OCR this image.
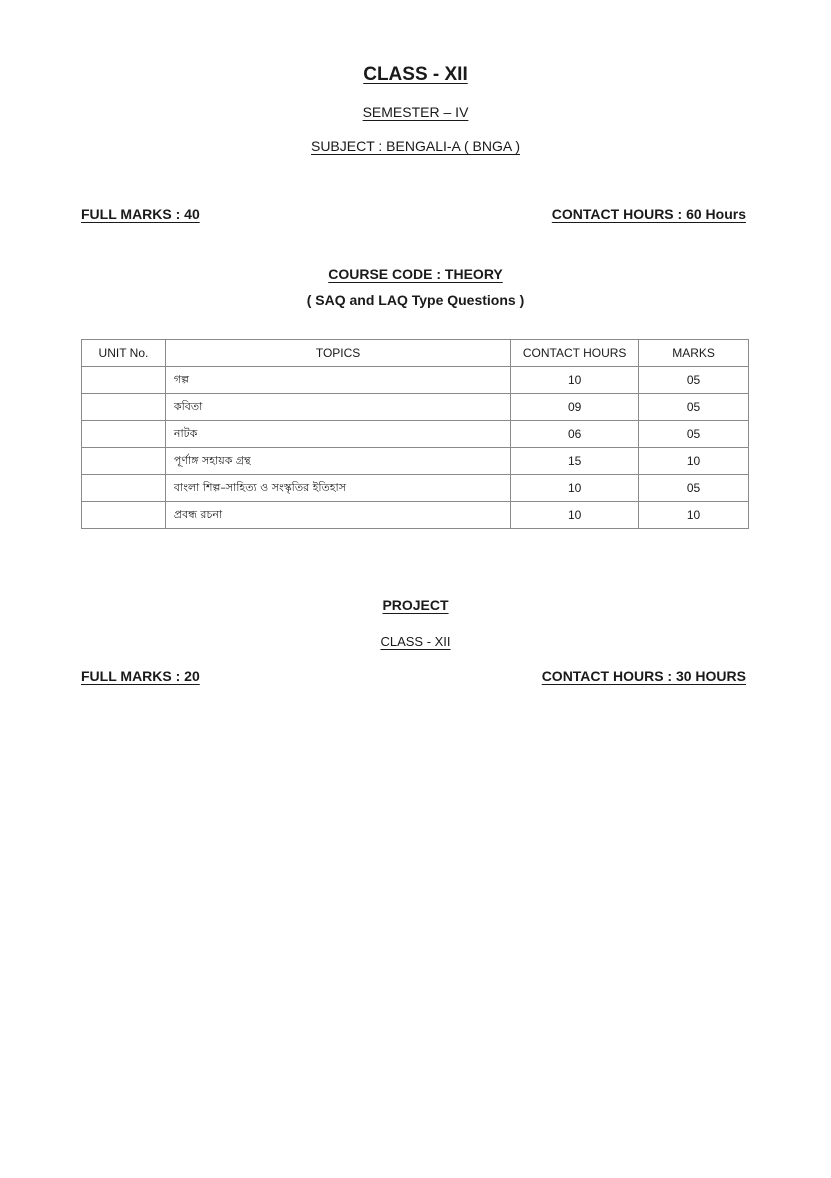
CLASS - XII
SEMESTER – IV
SUBJECT : BENGALI-A ( BNGA )
FULL MARKS : 40	CONTACT HOURS : 60 Hours
COURSE CODE : THEORY
( SAQ and LAQ Type Questions )
UNIT No.	TOPICS	CONTACT HOURS	MARKS
	গল্প	10	05
	কবিতা	09	05
	নাটক	06	05
	পূর্ণাঙ্গ সহায়ক গ্রন্থ	15	10
	বাংলা শিল্প–সাহিত্য ও সংস্কৃতির ইতিহাস	10	05
	প্রবন্ধ রচনা	10	10
PROJECT
CLASS - XII
FULL MARKS : 20	CONTACT HOURS : 30 HOURS
